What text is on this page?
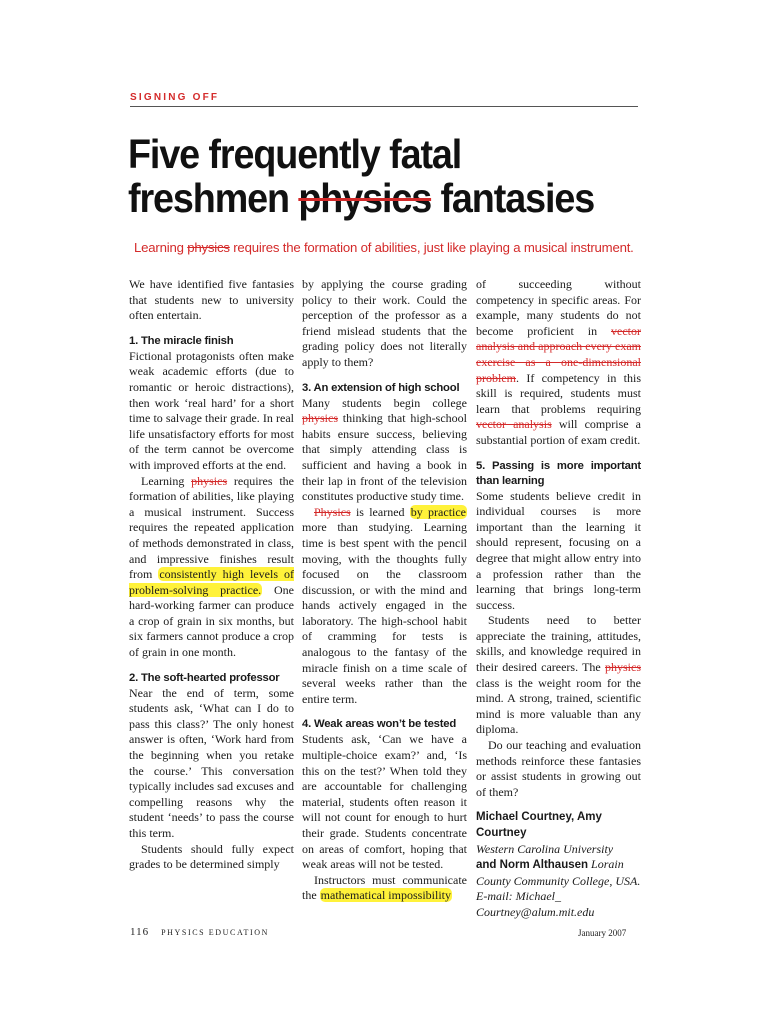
SIGNING OFF
Five frequently fatal
freshmen physics fantasies
Learning physics requires the formation of abilities, just like playing a musical instrument.

We have identified five fantasies that students new to university often entertain.

1. The miracle finish

Fictional protagonists often make weak academic efforts (due to romantic or heroic distractions), then work ‘real hard’ for a short time to salvage their grade. In real life unsatisfactory efforts for most of the term cannot be overcome with improved efforts at the end.

Learning physics requires the formation of abilities, like playing a musical instrument. Success requires the repeated application of methods demonstrated in class, and impressive finishes result from consistently high levels of problem-solving practice. One hard-working farmer can produce a crop of grain in six months, but six farmers cannot produce a crop of grain in one month.

2. The soft-hearted professor

Near the end of term, some students ask, ‘What can I do to pass this class?’ The only honest answer is often, ‘Work hard from the beginning when you retake the course.’ This conversation typically includes sad excuses and compelling reasons why the student ‘needs’ to pass the course this term.

Students should fully expect grades to be determined simply

by applying the course grading policy to their work. Could the perception of the professor as a friend mislead students that the grading policy does not literally apply to them?

3. An extension of high school

Many students begin college physics thinking that high-school habits ensure success, believing that simply attending class is sufficient and having a book in their lap in front of the television constitutes productive study time.

Physics is learned by practice more than studying. Learning time is best spent with the pencil moving, with the thoughts fully focused on the classroom discussion, or with the mind and hands actively engaged in the laboratory. The high-school habit of cramming for tests is analogous to the fantasy of the miracle finish on a time scale of several weeks rather than the entire term.

4. Weak areas won’t be tested

Students ask, ‘Can we have a multiple-choice exam?’ and, ‘Is this on the test?’ When told they are accountable for challenging material, students often reason it will not count for enough to hurt their grade. Students concentrate on areas of comfort, hoping that weak areas will not be tested.

Instructors must communicate the mathematical impossibility

of succeeding without competency in specific areas. For example, many students do not become proficient in vector analysis and approach every exam exercise as a one-dimensional problem. If competency in this skill is required, students must learn that problems requiring vector analysis will comprise a substantial portion of exam credit.

5. Passing is more important than learning

Some students believe credit in individual courses is more important than the learning it should represent, focusing on a degree that might allow entry into a profession rather than the learning that brings long-term success.

Students need to better appreciate the training, attitudes, skills, and knowledge required in their desired careers. The physics class is the weight room for the mind. A strong, trained, scientific mind is more valuable than any diploma.

Do our teaching and evaluation methods reinforce these fantasies or assist students in growing out of them?

Michael Courtney, Amy Courtney
Western Carolina University
and Norm Althausen Lorain County Community College, USA. E-mail: Michael_ Courtney@alum.mit.edu
116 PHYSICS EDUCATION	January 2007
